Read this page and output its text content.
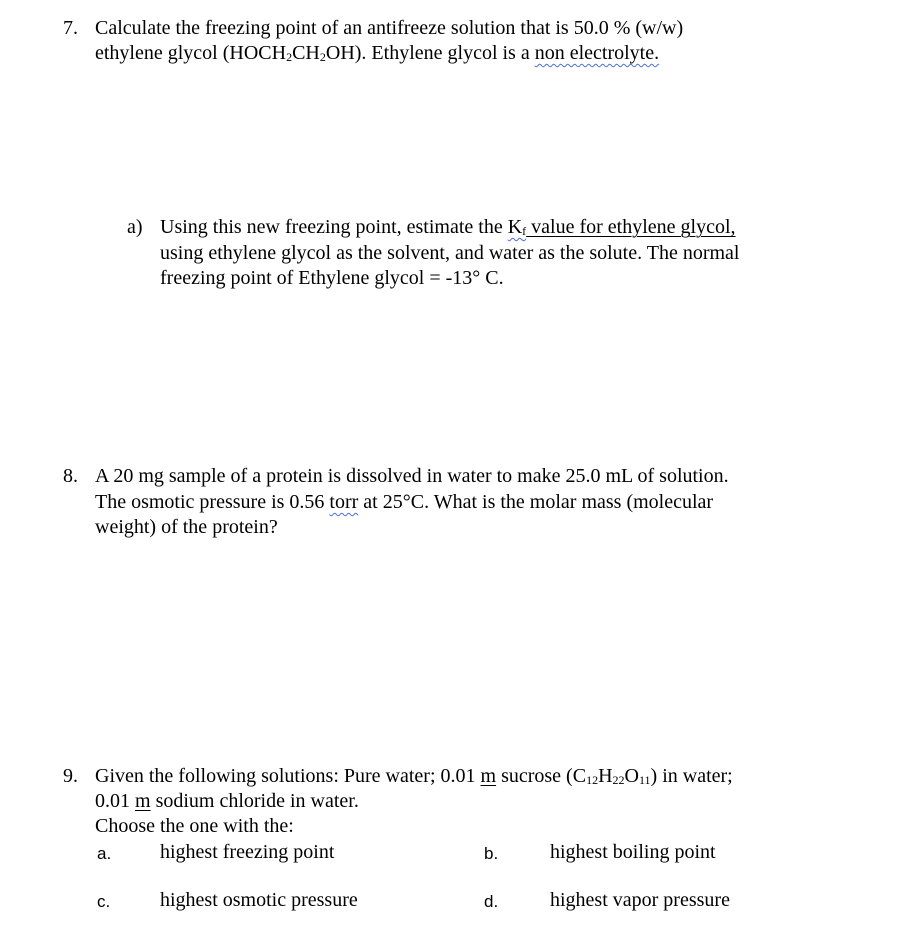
7. Calculate the freezing point of an antifreeze solution that is 50.0 % (w/w)
ethylene glycol $(HOCH_2CH_2OH)$. Ethylene glycol is a non electrolyte.
a) Using this new freezing point, estimate the $K_f$ value for ethylene glycol,
using ethylene glycol as the solvent, and water as the solute. The normal
freezing point of Ethylene glycol = -13° C.
8. A 20 mg sample of a protein is dissolved in water to make 25.0 mL of solution.
The osmotic pressure is 0.56 torr at 25°C. What is the molar mass (molecular
weight) of the protein?
9. Given the following solutions: Pure water; 0.01 m sucrose $(C_{12}H_{22}O_{11})$ in water;
0.01 m sodium chloride in water.
Choose the one with the:
a. highest freezing point	b.	highest boiling point
c. highest osmotic pressure	d.	highest vapor pressure
